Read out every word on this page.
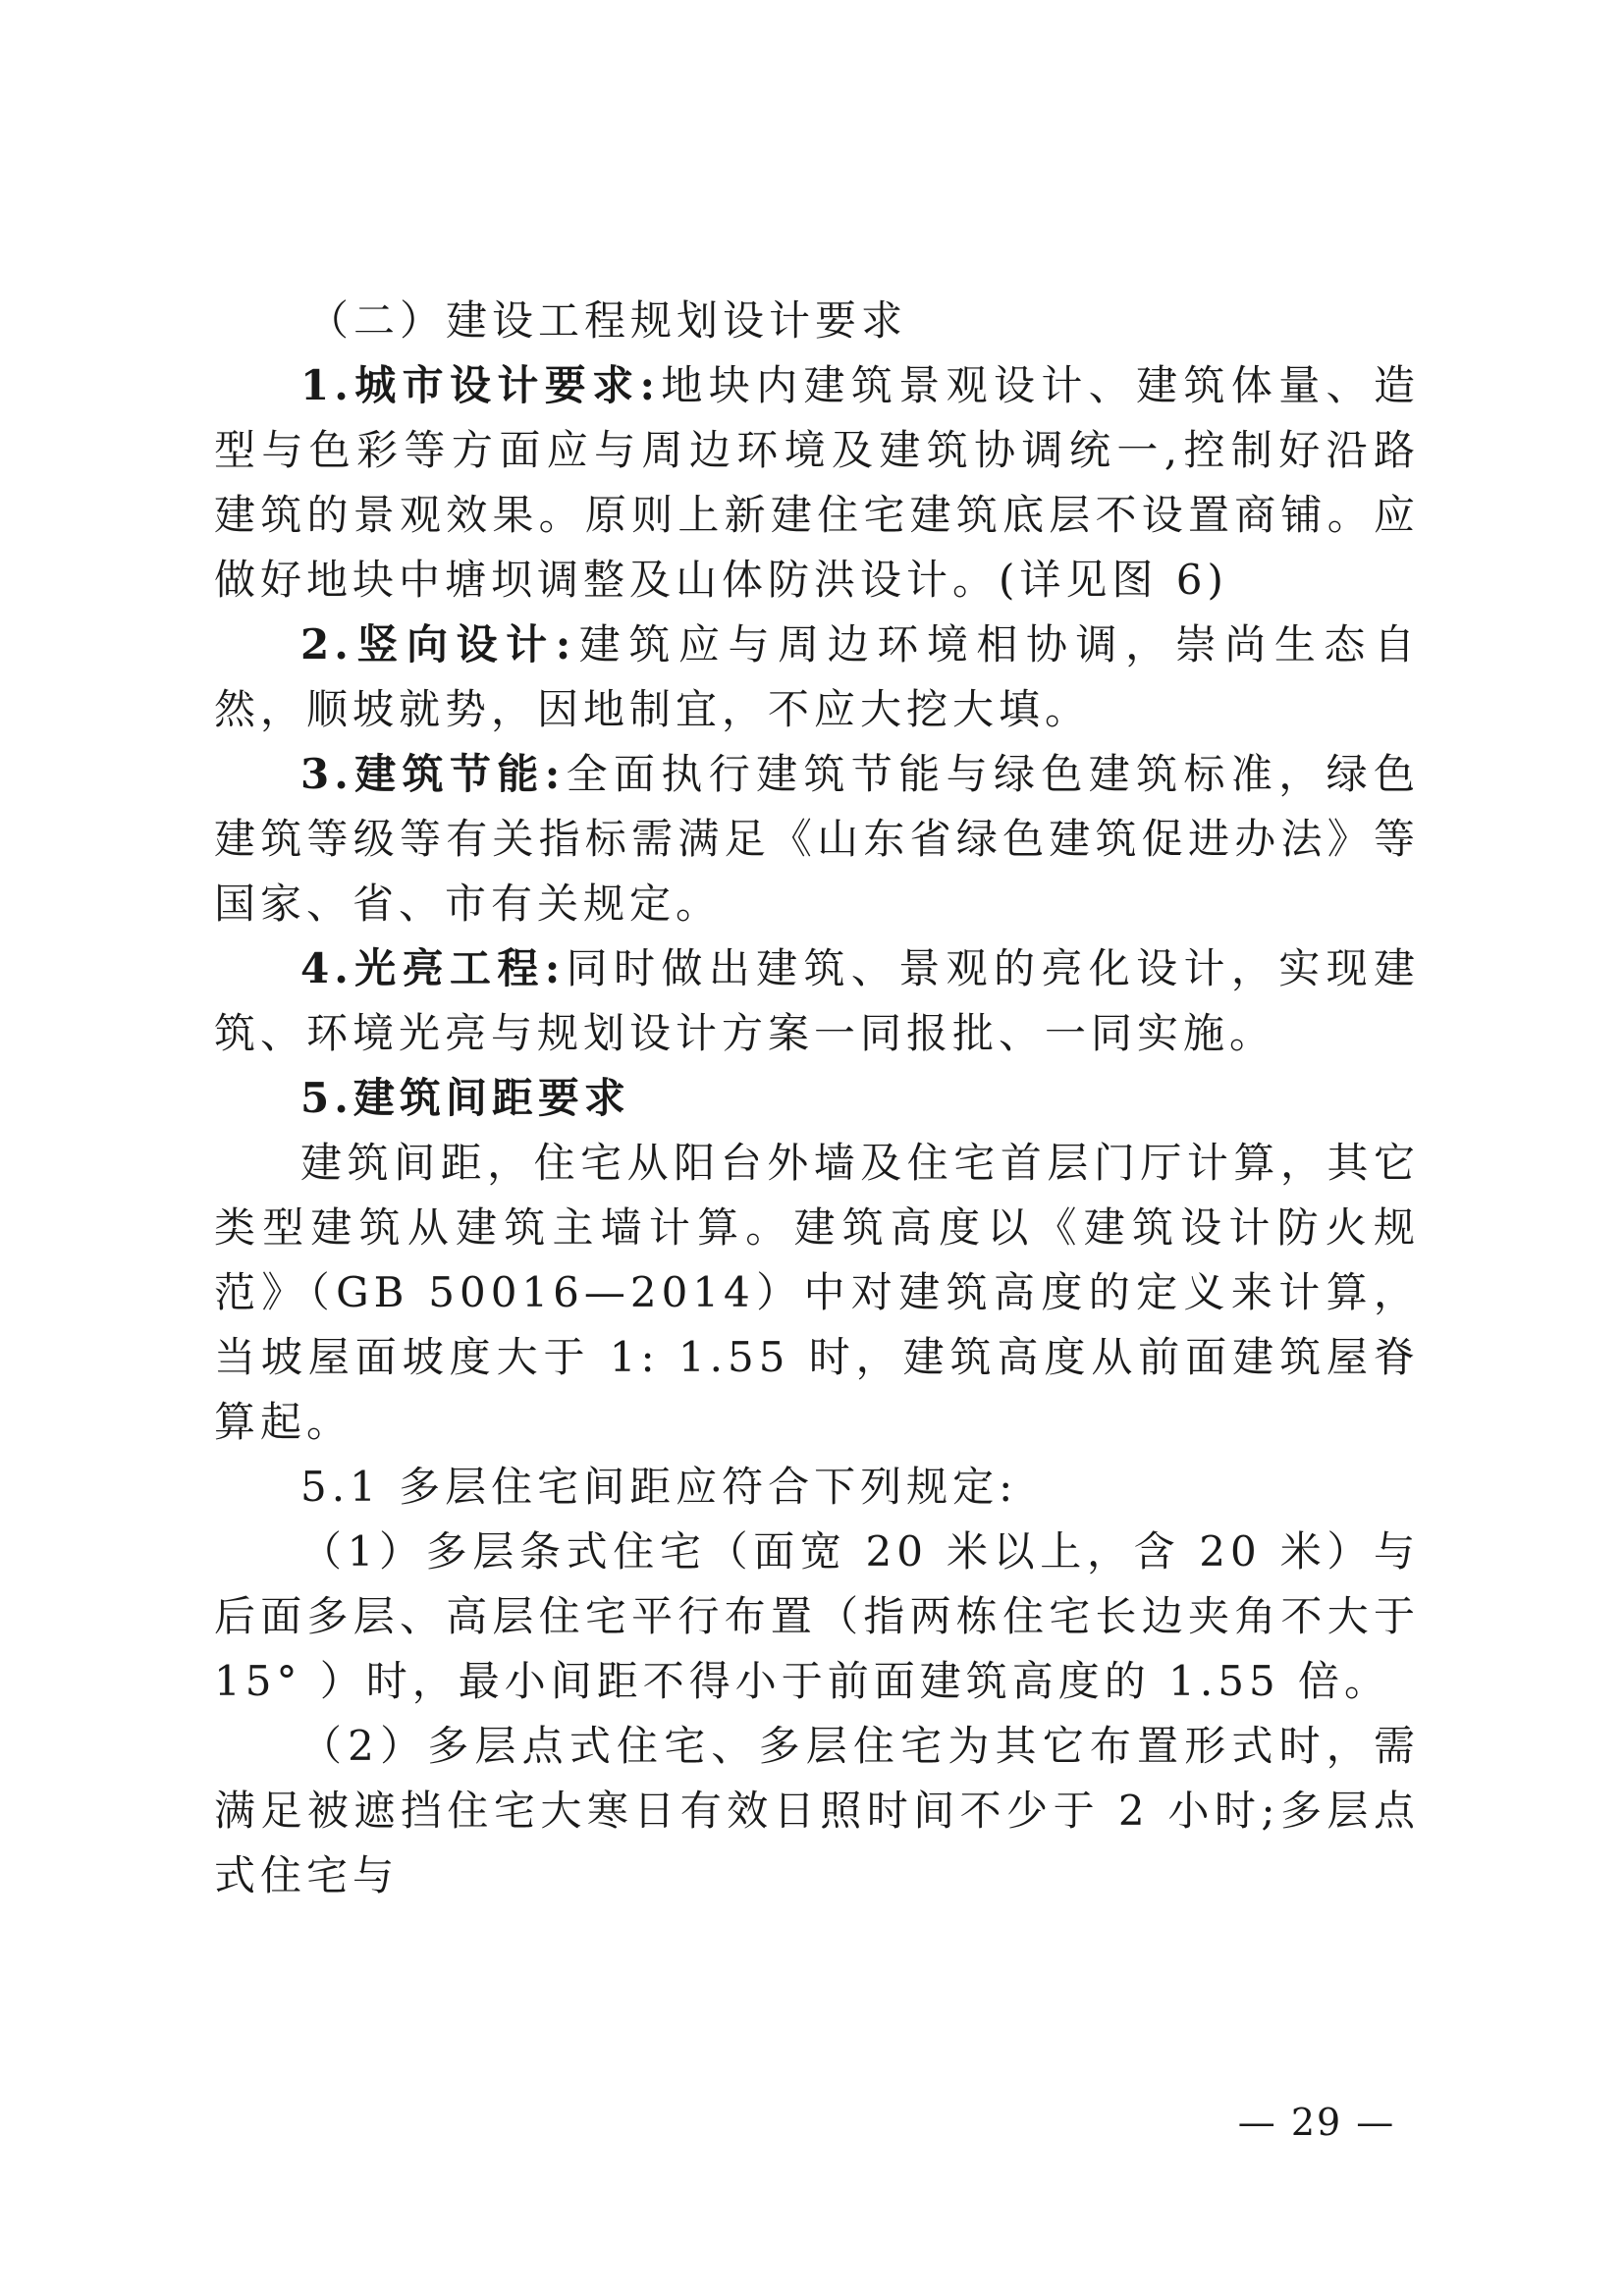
（二）建设工程规划设计要求

1.城市设计要求:地块内建筑景观设计、建筑体量、造型与色彩等方面应与周边环境及建筑协调统一,控制好沿路建筑的景观效果。原则上新建住宅建筑底层不设置商铺。应做好地块中塘坝调整及山体防洪设计。(详见图 6)

2.竖向设计:建筑应与周边环境相协调，崇尚生态自然，顺坡就势，因地制宜，不应大挖大填。

3.建筑节能:全面执行建筑节能与绿色建筑标准，绿色建筑等级等有关指标需满足《山东省绿色建筑促进办法》等国家、省、市有关规定。

4.光亮工程:同时做出建筑、景观的亮化设计，实现建筑、环境光亮与规划设计方案一同报批、一同实施。

5.建筑间距要求

建筑间距，住宅从阳台外墙及住宅首层门厅计算，其它类型建筑从建筑主墙计算。建筑高度以《建筑设计防火规范》（GB 50016—2014）中对建筑高度的定义来计算，当坡屋面坡度大于 1: 1.55 时，建筑高度从前面建筑屋脊算起。

5.1 多层住宅间距应符合下列规定:

（1）多层条式住宅（面宽 20 米以上，含 20 米）与后面多层、高层住宅平行布置（指两栋住宅长边夹角不大于 15° ）时，最小间距不得小于前面建筑高度的 1.55 倍。

（2）多层点式住宅、多层住宅为其它布置形式时，需满足被遮挡住宅大寒日有效日照时间不少于 2 小时;多层点式住宅与

— 29 —
